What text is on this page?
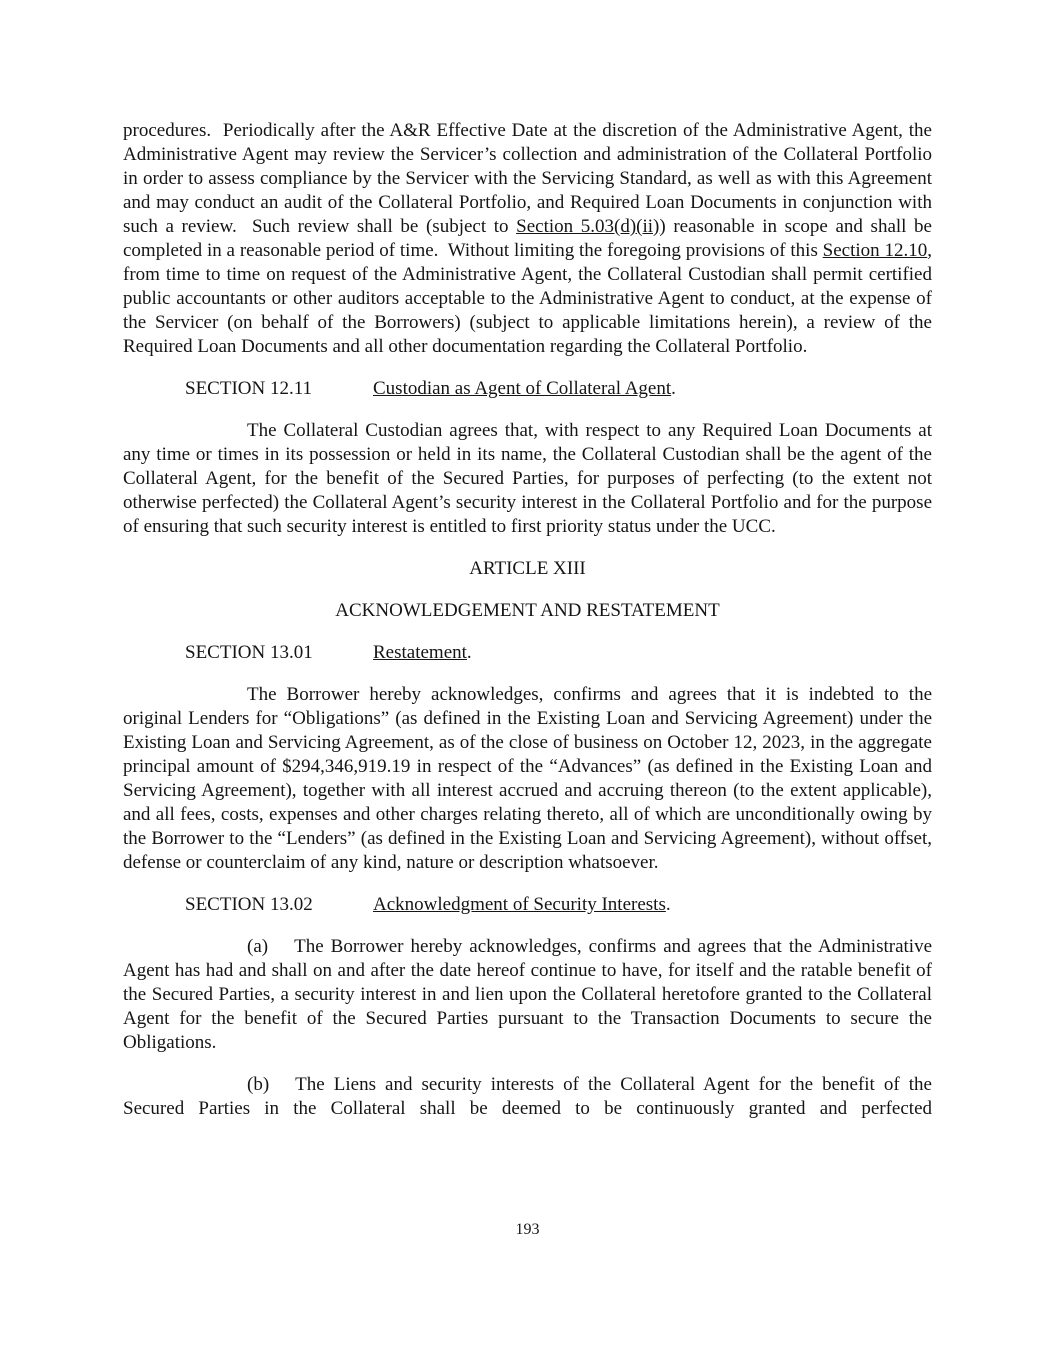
procedures.  Periodically after the A&R Effective Date at the discretion of the Administrative Agent, the Administrative Agent may review the Servicer’s collection and administration of the Collateral Portfolio in order to assess compliance by the Servicer with the Servicing Standard, as well as with this Agreement and may conduct an audit of the Collateral Portfolio, and Required Loan Documents in conjunction with such a review.  Such review shall be (subject to Section 5.03(d)(ii)) reasonable in scope and shall be completed in a reasonable period of time.  Without limiting the foregoing provisions of this Section 12.10, from time to time on request of the Administrative Agent, the Collateral Custodian shall permit certified public accountants or other auditors acceptable to the Administrative Agent to conduct, at the expense of the Servicer (on behalf of the Borrowers) (subject to applicable limitations herein), a review of the Required Loan Documents and all other documentation regarding the Collateral Portfolio.

SECTION 12.11	Custodian as Agent of Collateral Agent.

The Collateral Custodian agrees that, with respect to any Required Loan Documents at any time or times in its possession or held in its name, the Collateral Custodian shall be the agent of the Collateral Agent, for the benefit of the Secured Parties, for purposes of perfecting (to the extent not otherwise perfected) the Collateral Agent’s security interest in the Collateral Portfolio and for the purpose of ensuring that such security interest is entitled to first priority status under the UCC.

ARTICLE XIII

ACKNOWLEDGEMENT AND RESTATEMENT

SECTION 13.01	Restatement.

The Borrower hereby acknowledges, confirms and agrees that it is indebted to the original Lenders for “Obligations” (as defined in the Existing Loan and Servicing Agreement) under the Existing Loan and Servicing Agreement, as of the close of business on October 12, 2023, in the aggregate principal amount of $294,346,919.19 in respect of the “Advances” (as defined in the Existing Loan and Servicing Agreement), together with all interest accrued and accruing thereon (to the extent applicable), and all fees, costs, expenses and other charges relating thereto, all of which are unconditionally owing by the Borrower to the “Lenders” (as defined in the Existing Loan and Servicing Agreement), without offset, defense or counterclaim of any kind, nature or description whatsoever.

SECTION 13.02	Acknowledgment of Security Interests.

(a) The Borrower hereby acknowledges, confirms and agrees that the Administrative Agent has had and shall on and after the date hereof continue to have, for itself and the ratable benefit of the Secured Parties, a security interest in and lien upon the Collateral heretofore granted to the Collateral Agent for the benefit of the Secured Parties pursuant to the Transaction Documents to secure the Obligations.

(b) The Liens and security interests of the Collateral Agent for the benefit of the Secured Parties in the Collateral shall be deemed to be continuously granted and perfected

193
